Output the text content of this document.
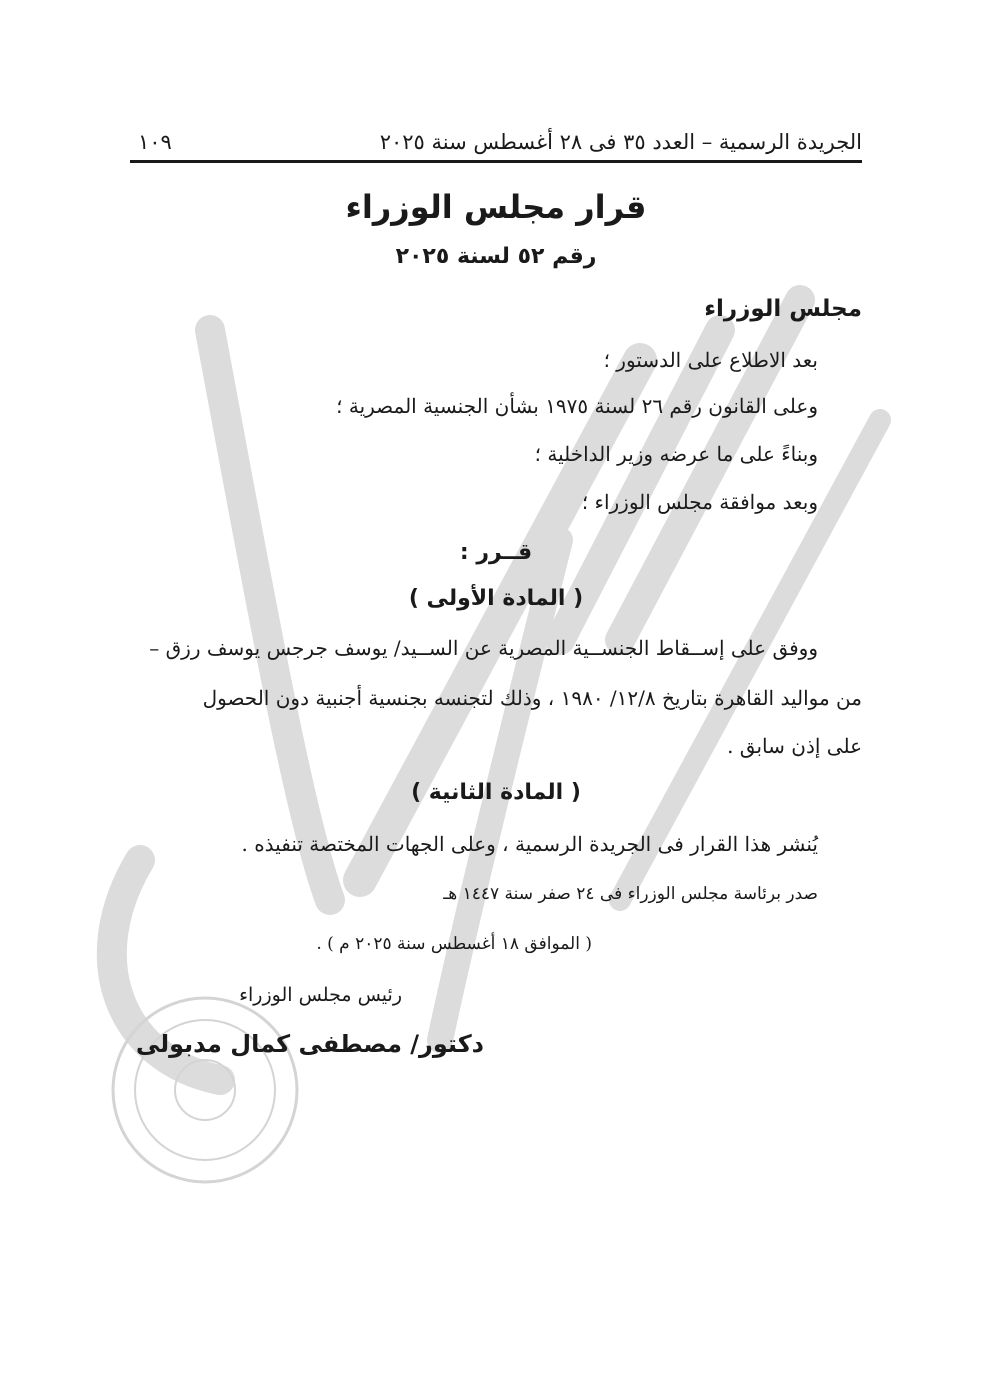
الجريدة الرسمية – العدد ٣٥ فى ٢٨ أغسطس سنة ٢٠٢٥
١٠٩
قرار مجلس الوزراء
رقم ٥٢ لسنة ٢٠٢٥
مجلس الوزراء
بعد الاطلاع على الدستور ؛
وعلى القانون رقم ٢٦ لسنة ١٩٧٥ بشأن الجنسية المصرية ؛
وبناءً على ما عرضه وزير الداخلية ؛
وبعد موافقة مجلس الوزراء ؛
قــرر :
( المادة الأولى )
ووفق على إســقاط الجنســية المصرية عن الســيد/ يوسف جرجس يوسف رزق –
من مواليد القاهرة بتاريخ ١٢/٨/ ١٩٨٠ ، وذلك لتجنسه بجنسية أجنبية دون الحصول
على إذن سابق .
( المادة الثانية )
يُنشر هذا القرار فى الجريدة الرسمية ، وعلى الجهات المختصة تنفيذه .
صدر برئاسة مجلس الوزراء فى ٢٤ صفر سنة ١٤٤٧ هـ
( الموافق ١٨ أغسطس سنة ٢٠٢٥ م ) .
رئيس مجلس الوزراء
دكتور/ مصطفى كمال مدبولى
